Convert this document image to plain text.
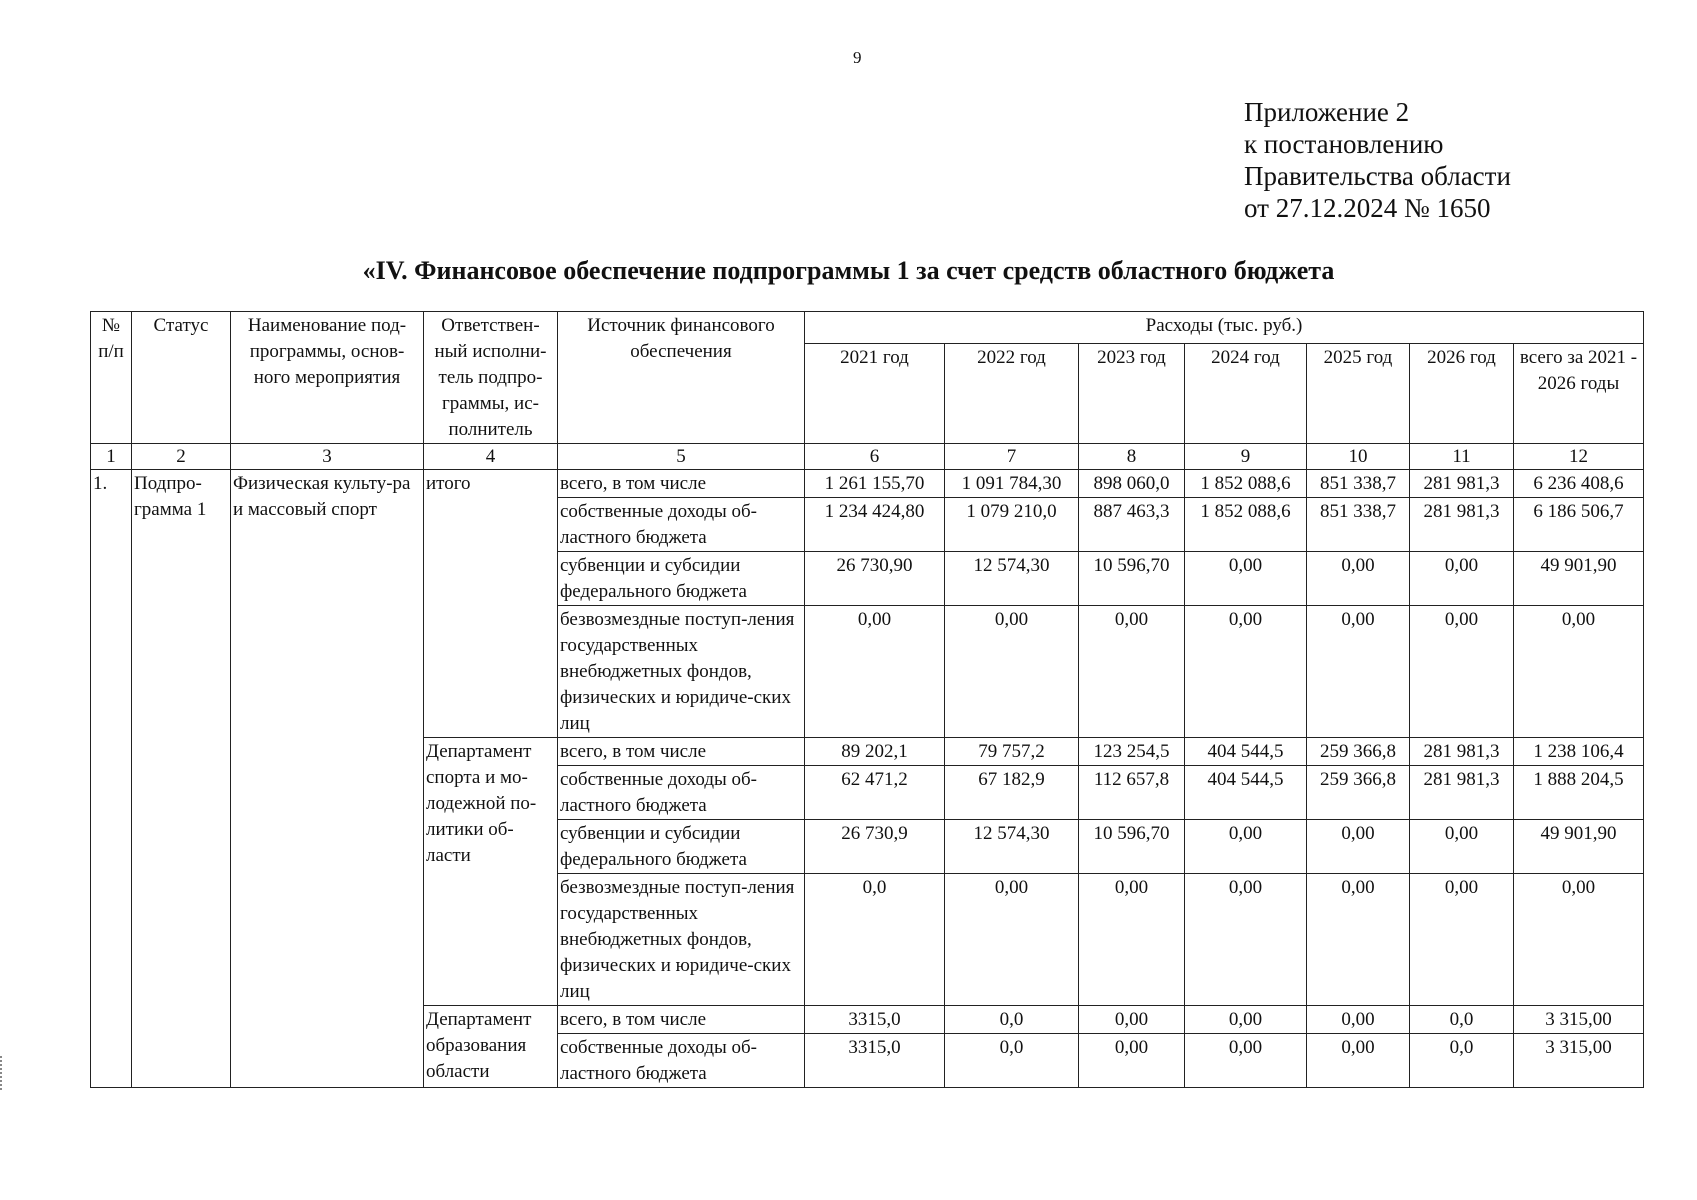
9
Приложение 2
к постановлению
Правительства области
от 27.12.2024 № 1650
«IV. Финансовое обеспечение подпрограммы 1 за счет средств областного бюджета
№ п/п	Статус	Наименование под-программы, основ-ного мероприятия	Ответствен-ный исполни-тель подпро-граммы, ис-полнитель	Источник финансового обеспечения	Расходы (тыс. руб.)						
					2021 год	2022 год	2023 год	2024 год	2025 год	2026 год	всего за 2021 - 2026 годы
1	2	3	4	5	6	7	8	9	10	11	12
1.	Подпро-грамма 1	Физическая культу-ра и массовый спорт	итого	всего, в том числе	1 261 155,70	1 091 784,30	898 060,0	1 852 088,6	851 338,7	281 981,3	6 236 408,6
				собственные доходы об-ластного бюджета	1 234 424,80	1 079 210,0	887 463,3	1 852 088,6	851 338,7	281 981,3	6 186 506,7
				субвенции и субсидии федерального бюджета	26 730,90	12 574,30	10 596,70	0,00	0,00	0,00	49 901,90
				безвозмездные поступ-ления государственных внебюджетных фондов, физических и юридиче-ских лиц	0,00	0,00	0,00	0,00	0,00	0,00	0,00
			Департамент спорта и мо-лодежной по-литики об-ласти	всего, в том числе	89 202,1	79 757,2	123 254,5	404 544,5	259 366,8	281 981,3	1 238 106,4
				собственные доходы об-ластного бюджета	62 471,2	67 182,9	112 657,8	404 544,5	259 366,8	281 981,3	1 888 204,5
				субвенции и субсидии федерального бюджета	26 730,9	12 574,30	10 596,70	0,00	0,00	0,00	49 901,90
				безвозмездные поступ-ления государственных внебюджетных фондов, физических и юридиче-ских лиц	0,0	0,00	0,00	0,00	0,00	0,00	0,00
			Департамент образования области	всего, в том числе	3315,0	0,0	0,00	0,00	0,00	0,0	3 315,00
				собственные доходы об-ластного бюджета	3315,0	0,0	0,00	0,00	0,00	0,0	3 315,00
